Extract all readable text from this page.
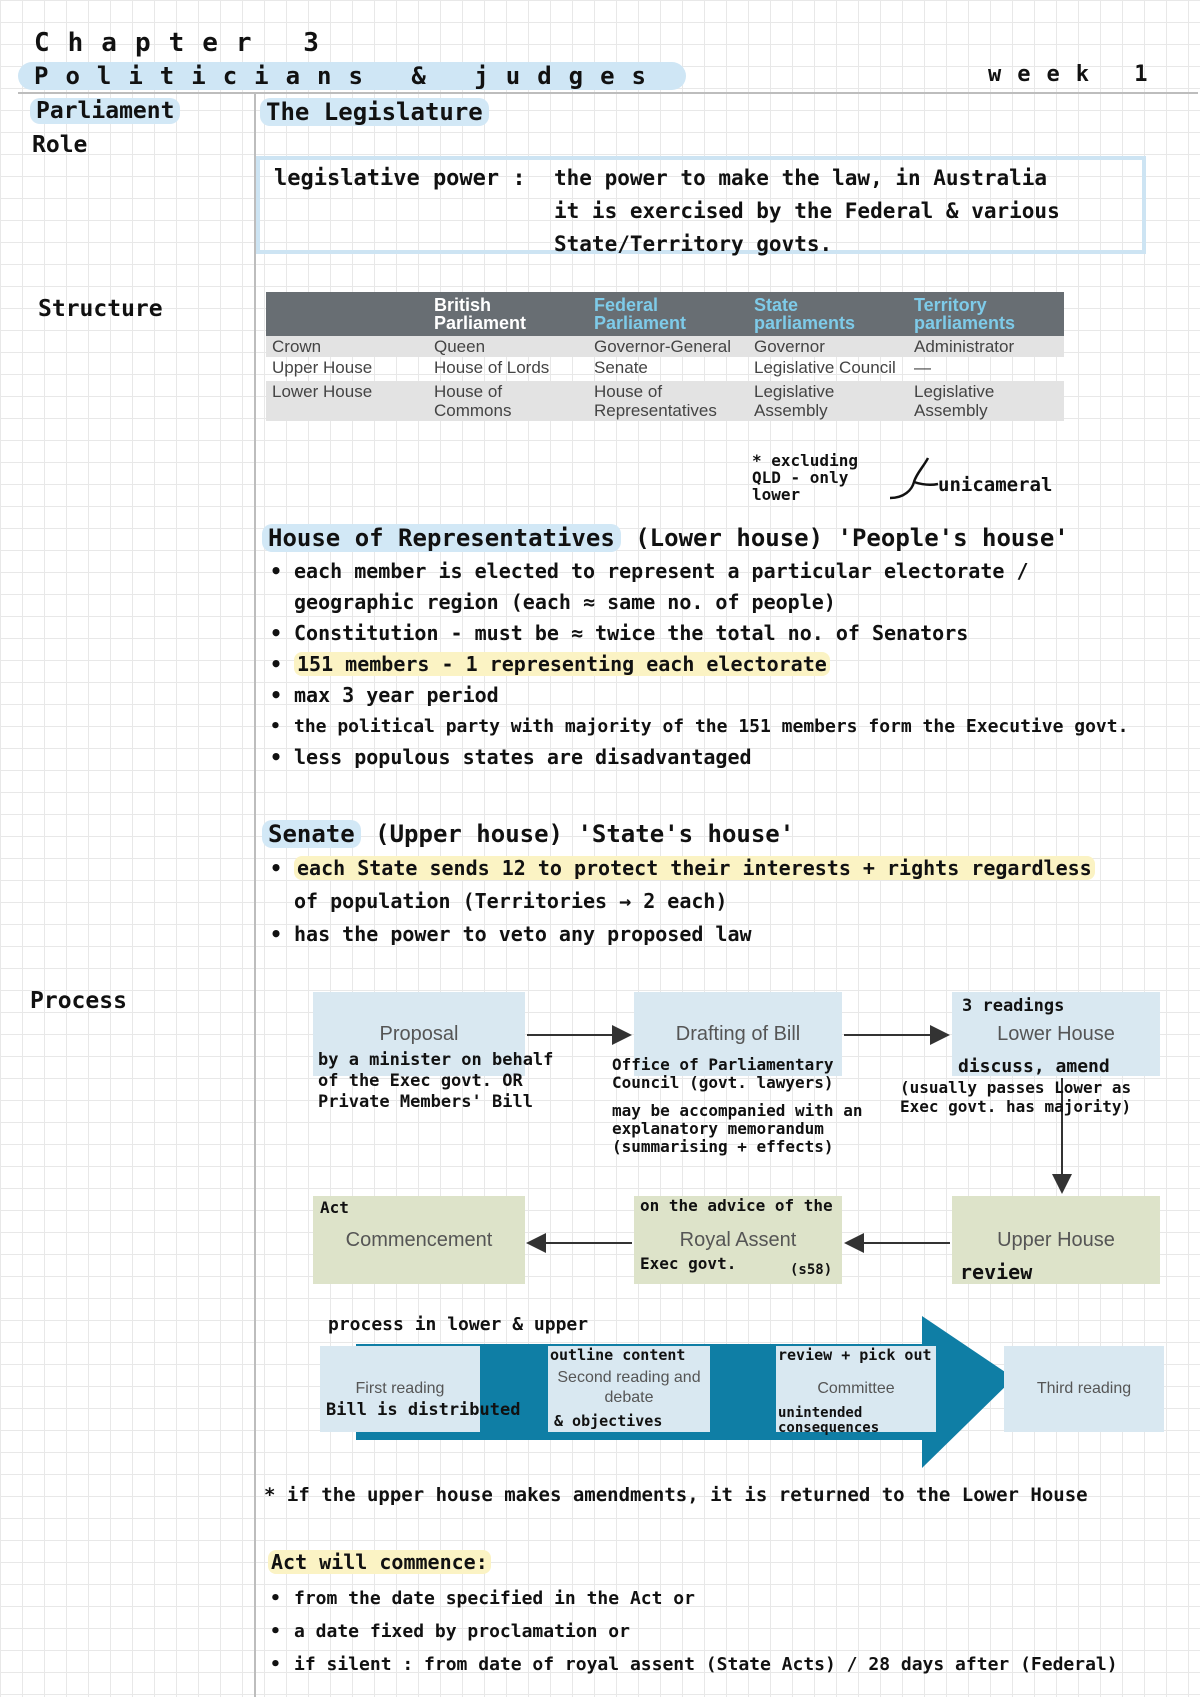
Chapter 3
Politicians & judges	week 1
Parliament
Role
Structure
Process
The Legislature
legislative power : the power to make the law, in Australia
it is exercised by the Federal & various
State/Territory govts.
	British Parliament	Federal Parliament	State parliaments	Territory parliaments
Crown	Queen	Governor-General	Governor	Administrator
Upper House	House of Lords	Senate	Legislative Council	—
Lower House	House of Commons	House of Representatives	Legislative Assembly	Legislative Assembly
* excluding QLD - only lower	unicameral
House of Representatives (Lower house) 'People's house'
• each member is elected to represent a particular electorate /
geographic region (each ≈ same no. of people)
• Constitution - must be ≈ twice the total no. of Senators
• 151 members - 1 representing each electorate
• max 3 year period
• the political party with majority of the 151 members form the Executive govt.
• less populous states are disadvantaged
Senate (Upper house) 'State's house'
• each State sends 12 to protect their interests + rights regardless
of population (Territories → 2 each)
• has the power to veto any proposed law
Proposal	Drafting of Bill	Lower House
Commencement	Royal Assent	Upper House
by a minister on behalf of the Exec govt. OR Private Members' Bill
Office of Parliamentary Council (govt. lawyers)
may be accompanied with an explanatory memorandum (summarising + effects)
3 readings
discuss, amend
(usually passes Lower as Exec govt. has majority)
review
on the advice of the
Exec govt.	(s58)
Act
process in lower & upper
First reading
Second reading and debate
Committee	Third reading
Bill is distributed
outline content
& objectives
review + pick out
unintended consequences
* if the upper house makes amendments, it is returned to the Lower House
Act will commence:
• from the date specified in the Act or
• a date fixed by proclamation or
• if silent : from date of royal assent (State Acts) / 28 days after (Federal)
